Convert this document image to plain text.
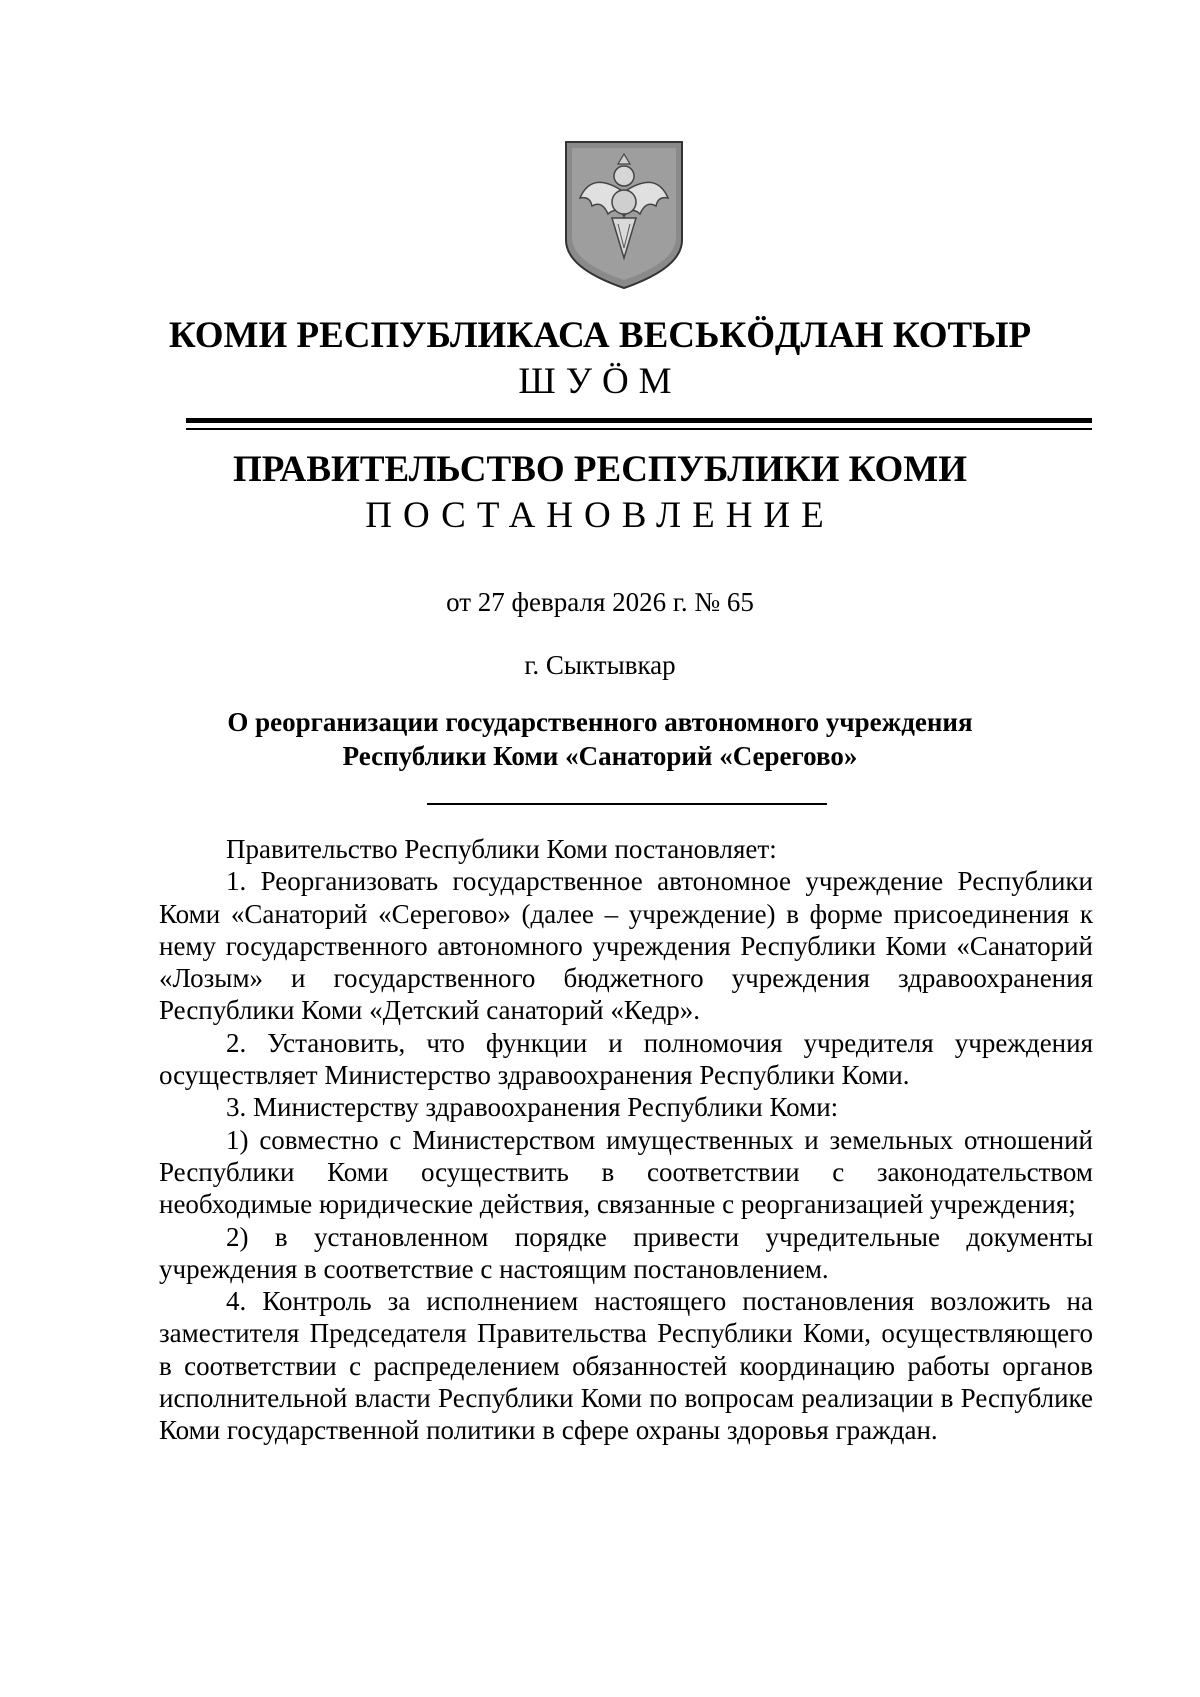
КОМИ РЕСПУБЛИКАСА ВЕСЬКӦДЛАН КОТЫР
ШУӦМ
ПРАВИТЕЛЬСТВО РЕСПУБЛИКИ КОМИ
ПОСТАНОВЛЕНИЕ
от 27 февраля 2026 г. № 65
г. Сыктывкар
О реорганизации государственного автономного учреждения
Республики Коми «Санаторий «Серегово»

Правительство Республики Коми постановляет:

1. Реорганизовать государственное автономное учреждение Республики Коми «Санаторий «Серегово» (далее – учреждение) в форме присоединения к нему государственного автономного учреждения Республики Коми «Санаторий «Лозым» и государственного бюджетного учреждения здравоохранения Республики Коми «Детский санаторий «Кедр».

2. Установить, что функции и полномочия учредителя учреждения осуществляет Министерство здравоохранения Республики Коми.

3. Министерству здравоохранения Республики Коми:

1) совместно с Министерством имущественных и земельных отношений Республики Коми осуществить в соответствии с законодательством необходимые юридические действия, связанные с реорганизацией учреждения;

2) в установленном порядке привести учредительные документы учреждения в соответствие с настоящим постановлением.

4. Контроль за исполнением настоящего постановления возложить на заместителя Председателя Правительства Республики Коми, осуществляющего в соответствии с распределением обязанностей координацию работы органов исполнительной власти Республики Коми по вопросам реализации в Республике Коми государственной политики в сфере охраны здоровья граждан.
